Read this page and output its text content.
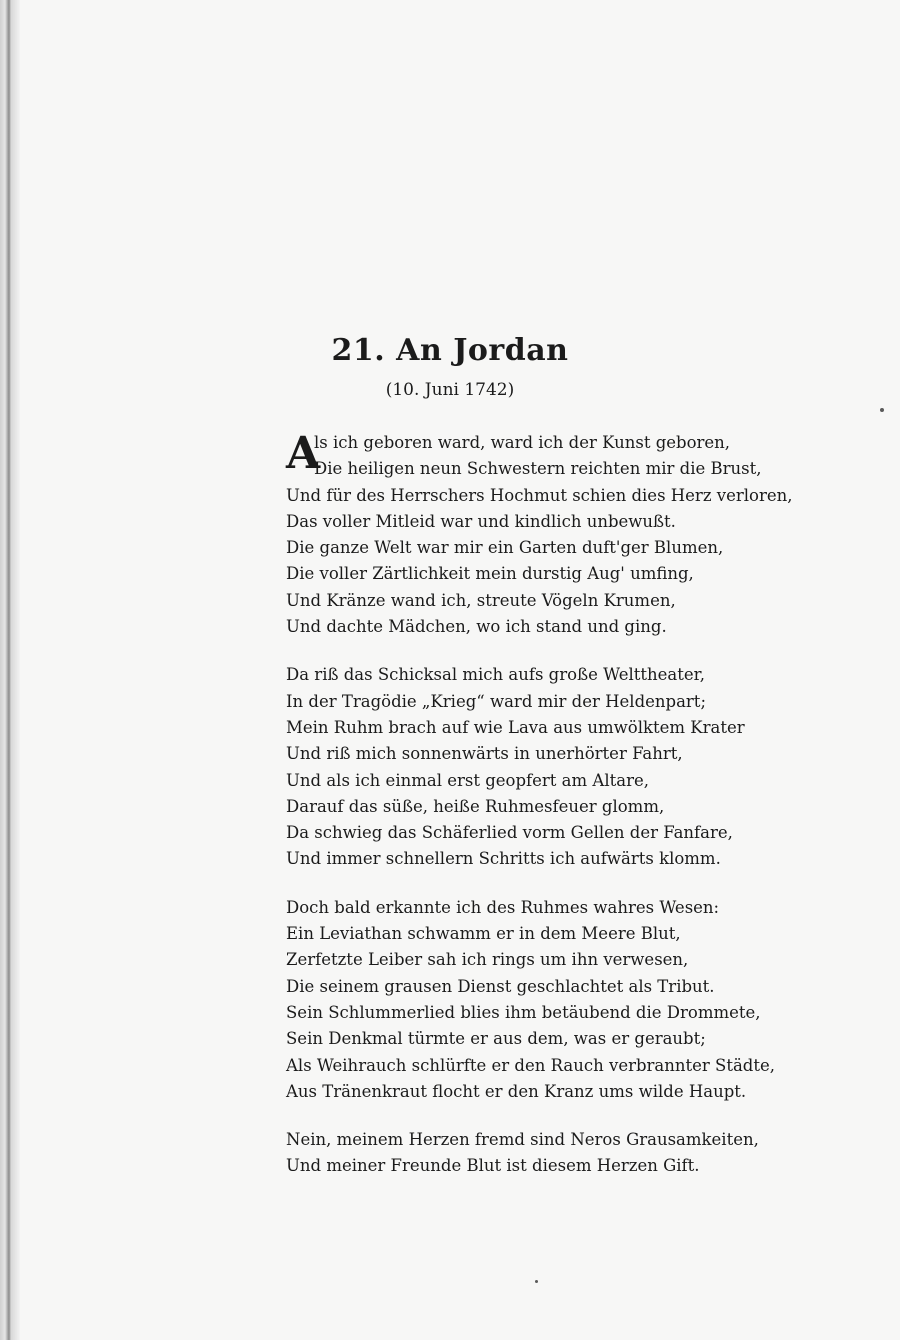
21. An Jordan

(10. Juni 1742)

A
ls ich geboren ward, ward ich der Kunst geboren,
Die heiligen neun Schwestern reichten mir die Brust,
Und für des Herrschers Hochmut schien dies Herz verloren,
Das voller Mitleid war und kindlich unbewußt.
Die ganze Welt war mir ein Garten duft'ger Blumen,
Die voller Zärtlichkeit mein durstig Aug' umfing,
Und Kränze wand ich, streute Vögeln Krumen,
Und dachte Mädchen, wo ich stand und ging.
Da riß das Schicksal mich aufs große Welttheater,
In der Tragödie „Krieg“ ward mir der Heldenpart;
Mein Ruhm brach auf wie Lava aus umwölktem Krater
Und riß mich sonnenwärts in unerhörter Fahrt,
Und als ich einmal erst geopfert am Altare,
Darauf das süße, heiße Ruhmesfeuer glomm,
Da schwieg das Schäferlied vorm Gellen der Fanfare,
Und immer schnellern Schritts ich aufwärts klomm.
Doch bald erkannte ich des Ruhmes wahres Wesen:
Ein Leviathan schwamm er in dem Meere Blut,
Zerfetzte Leiber sah ich rings um ihn verwesen,
Die seinem grausen Dienst geschlachtet als Tribut.
Sein Schlummerlied blies ihm betäubend die Drommete,
Sein Denkmal türmte er aus dem, was er geraubt;
Als Weihrauch schlürfte er den Rauch verbrannter Städte,
Aus Tränenkraut flocht er den Kranz ums wilde Haupt.
Nein, meinem Herzen fremd sind Neros Grausamkeiten,
Und meiner Freunde Blut ist diesem Herzen Gift.
